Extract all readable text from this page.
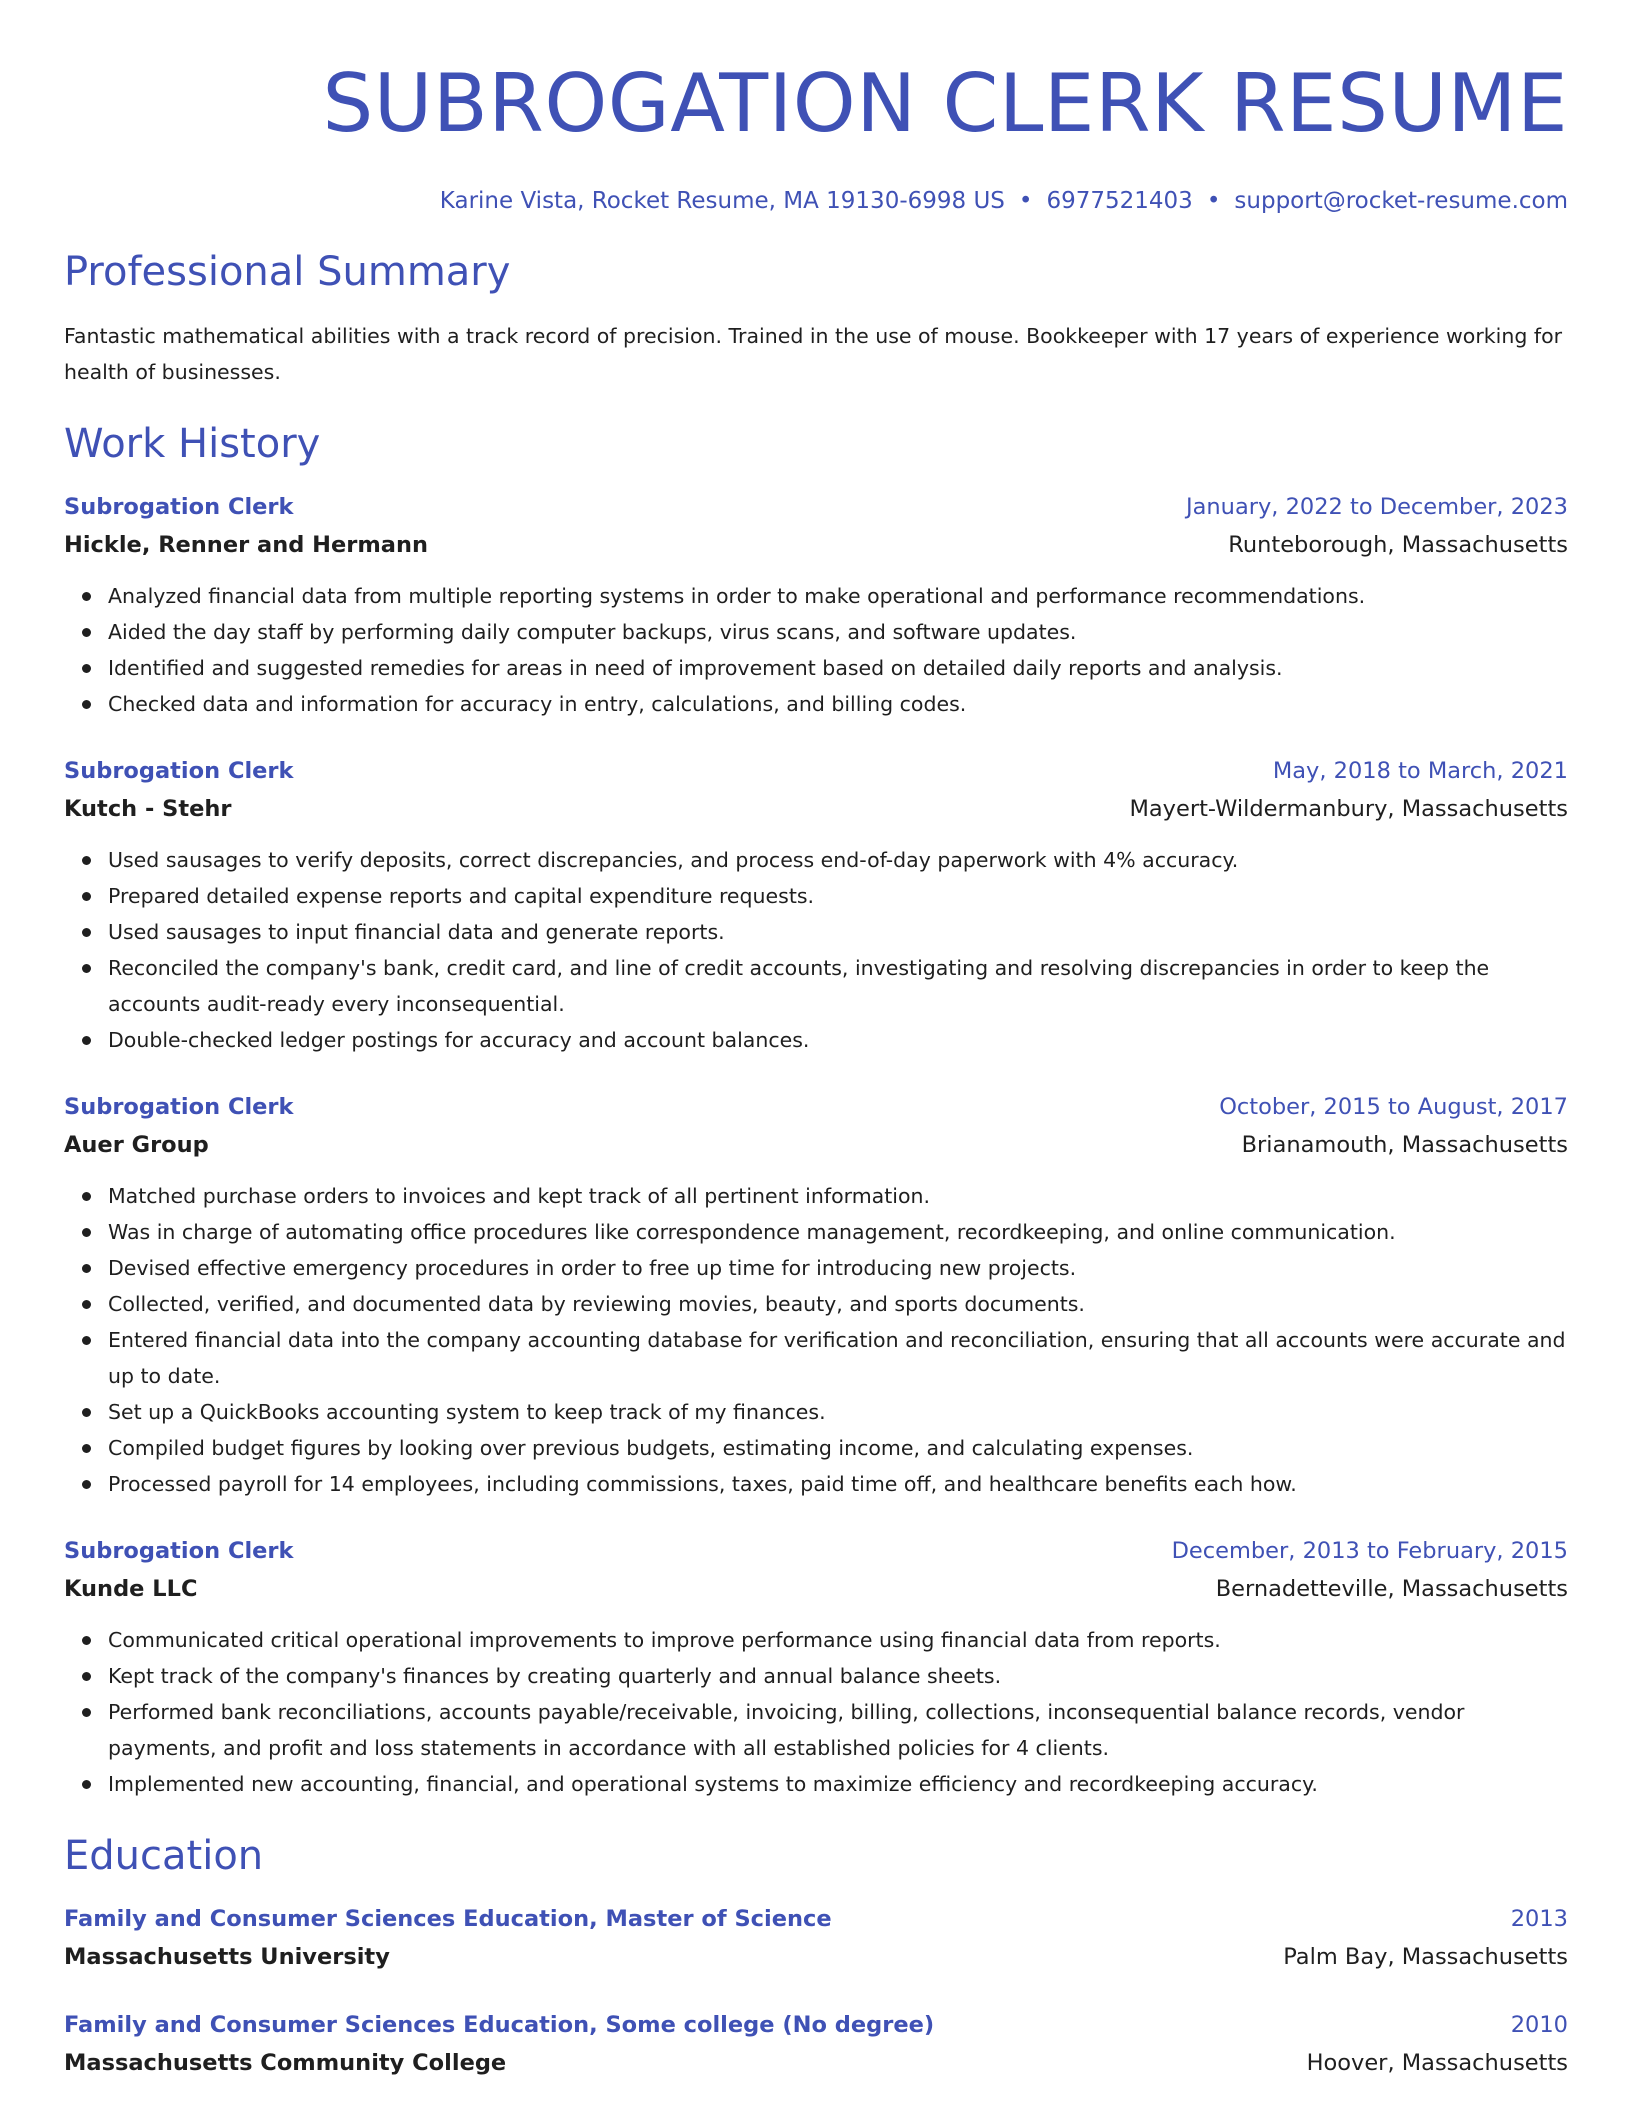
SUBROGATION CLERK RESUME
Karine Vista, Rocket Resume, MA 19130-6998 US • 6977521403 • support@rocket-resume.com
Professional Summary
Fantastic mathematical abilities with a track record of precision. Trained in the use of mouse. Bookkeeper with 17 years of experience working for health of businesses.
Work History
Subrogation Clerk	January, 2022 to December, 2023
Hickle, Renner and Hermann	Runteborough, Massachusetts
Analyzed financial data from multiple reporting systems in order to make operational and performance recommendations.
Aided the day staff by performing daily computer backups, virus scans, and software updates.
Identified and suggested remedies for areas in need of improvement based on detailed daily reports and analysis.
Checked data and information for accuracy in entry, calculations, and billing codes.
Subrogation Clerk	May, 2018 to March, 2021
Kutch - Stehr	Mayert-Wildermanbury, Massachusetts
Used sausages to verify deposits, correct discrepancies, and process end-of-day paperwork with 4% accuracy.
Prepared detailed expense reports and capital expenditure requests.
Used sausages to input financial data and generate reports.
Reconciled the company's bank, credit card, and line of credit accounts, investigating and resolving discrepancies in order to keep the accounts audit-ready every inconsequential.
Double-checked ledger postings for accuracy and account balances.
Subrogation Clerk	October, 2015 to August, 2017
Auer Group	Brianamouth, Massachusetts
Matched purchase orders to invoices and kept track of all pertinent information.
Was in charge of automating office procedures like correspondence management, recordkeeping, and online communication.
Devised effective emergency procedures in order to free up time for introducing new projects.
Collected, verified, and documented data by reviewing movies, beauty, and sports documents.
Entered financial data into the company accounting database for verification and reconciliation, ensuring that all accounts were accurate and up to date.
Set up a QuickBooks accounting system to keep track of my finances.
Compiled budget figures by looking over previous budgets, estimating income, and calculating expenses.
Processed payroll for 14 employees, including commissions, taxes, paid time off, and healthcare benefits each how.
Subrogation Clerk	December, 2013 to February, 2015
Kunde LLC	Bernadetteville, Massachusetts
Communicated critical operational improvements to improve performance using financial data from reports.
Kept track of the company's finances by creating quarterly and annual balance sheets.
Performed bank reconciliations, accounts payable/receivable, invoicing, billing, collections, inconsequential balance records, vendor payments, and profit and loss statements in accordance with all established policies for 4 clients.
Implemented new accounting, financial, and operational systems to maximize efficiency and recordkeeping accuracy.
Education
Family and Consumer Sciences Education, Master of Science	2013
Massachusetts University	Palm Bay, Massachusetts
Family and Consumer Sciences Education, Some college (No degree)	2010
Massachusetts Community College	Hoover, Massachusetts
